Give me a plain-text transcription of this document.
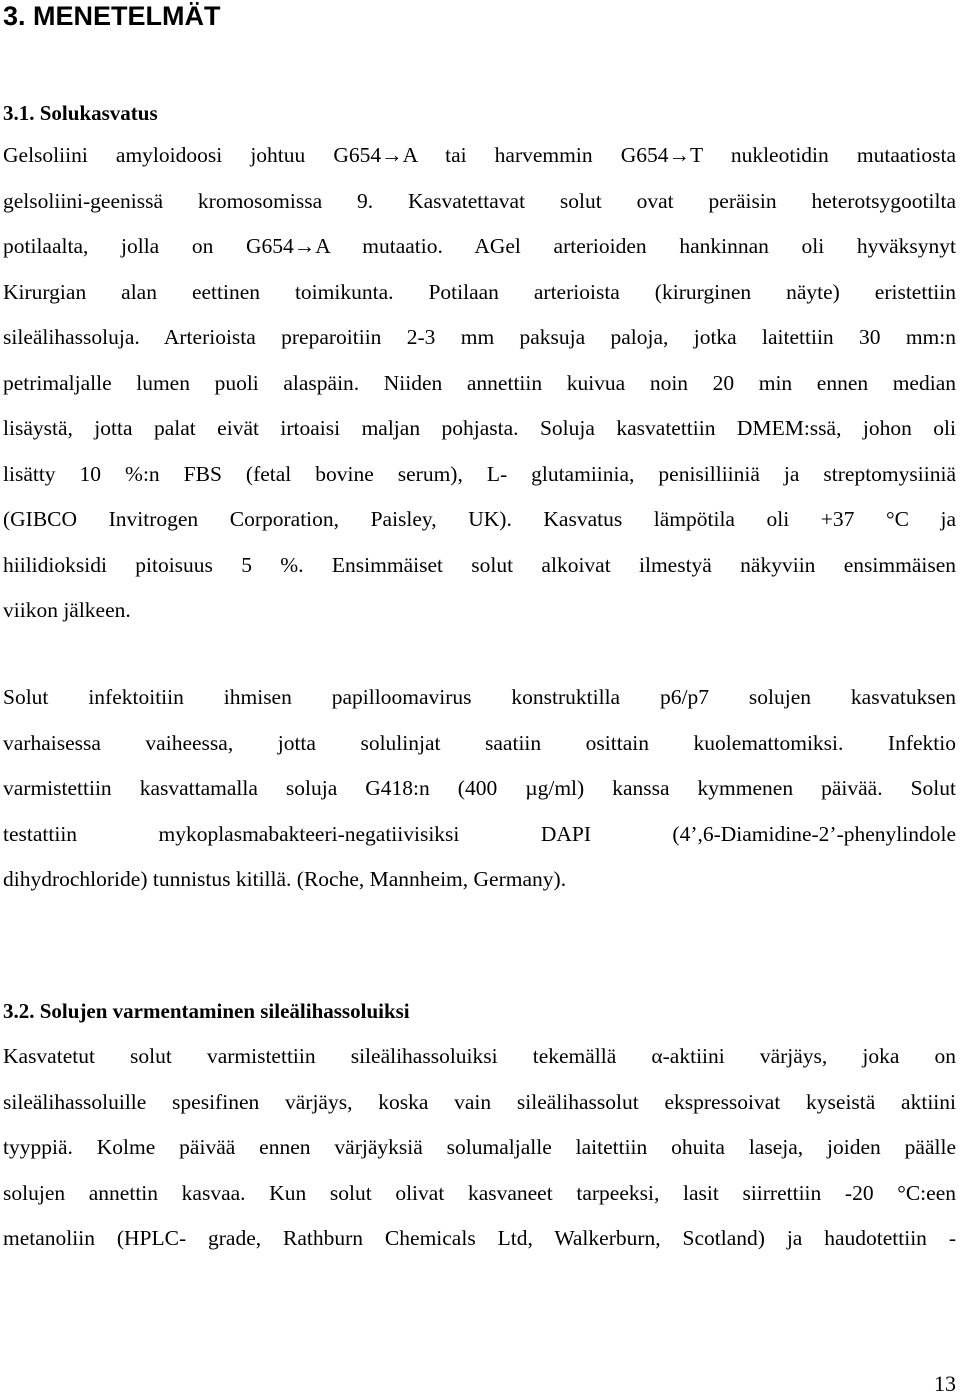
3. MENETELMÄT
3.1. Solukasvatus
Gelsoliini amyloidoosi johtuu G654→A tai harvemmin G654→T nukleotidin mutaatiosta
gelsoliini-geenissä kromosomissa 9. Kasvatettavat solut ovat peräisin heterotsygootilta
potilaalta, jolla on G654→A mutaatio. AGel arterioiden hankinnan oli hyväksynyt
Kirurgian alan eettinen toimikunta. Potilaan arterioista (kirurginen näyte) eristettiin
sileälihassoluja. Arterioista preparoitiin 2-3 mm paksuja paloja, jotka laitettiin 30 mm:n
petrimaljalle lumen puoli alaspäin. Niiden annettiin kuivua noin 20 min ennen median
lisäystä, jotta palat eivät irtoaisi maljan pohjasta. Soluja kasvatettiin DMEM:ssä, johon oli
lisätty 10 %:n FBS (fetal bovine serum), L- glutamiinia, penisilliiniä ja streptomysiiniä
(GIBCO Invitrogen Corporation, Paisley, UK). Kasvatus lämpötila oli +37 °C ja
hiilidioksidi pitoisuus 5 %. Ensimmäiset solut alkoivat ilmestyä näkyviin ensimmäisen
viikon jälkeen.
Solut infektoitiin ihmisen papilloomavirus konstruktilla p6/p7 solujen kasvatuksen
varhaisessa vaiheessa, jotta solulinjat saatiin osittain kuolemattomiksi. Infektio
varmistettiin kasvattamalla soluja G418:n (400 µg/ml) kanssa kymmenen päivää. Solut
testattiin mykoplasmabakteeri-negatiivisiksi DAPI (4’,6-Diamidine-2’-phenylindole
dihydrochloride) tunnistus kitillä. (Roche, Mannheim, Germany).
3.2. Solujen varmentaminen sileälihassoluiksi
Kasvatetut solut varmistettiin sileälihassoluiksi tekemällä α-aktiini värjäys, joka on
sileälihassoluille spesifinen värjäys, koska vain sileälihassolut ekspressoivat kyseistä aktiini
tyyppiä. Kolme päivää ennen värjäyksiä solumaljalle laitettiin ohuita laseja, joiden päälle
solujen annettin kasvaa. Kun solut olivat kasvaneet tarpeeksi, lasit siirrettiin -20 °C:een
metanoliin (HPLC- grade, Rathburn Chemicals Ltd, Walkerburn, Scotland) ja haudotettiin -
13
